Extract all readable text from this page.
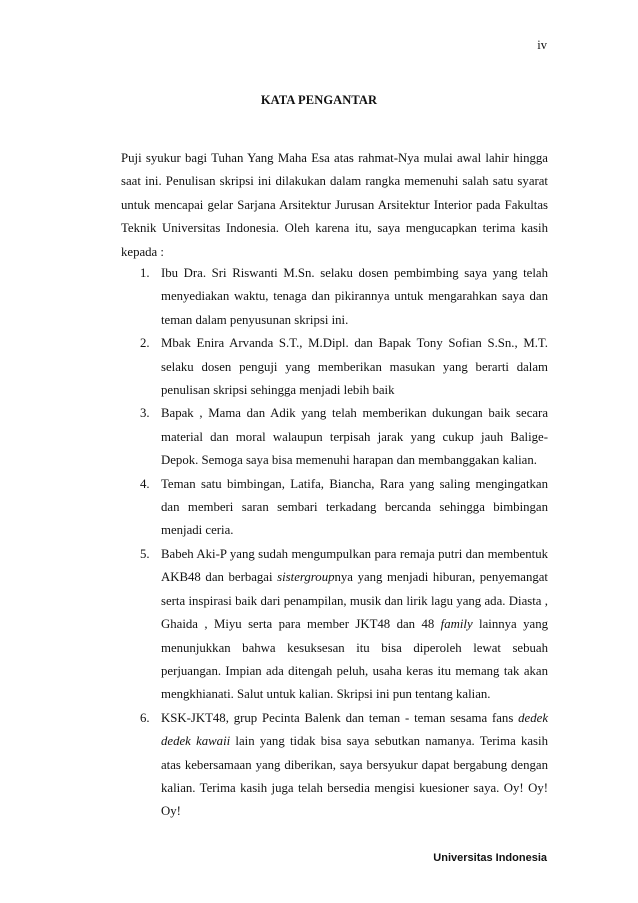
iv
KATA PENGANTAR

Puji syukur bagi Tuhan Yang Maha Esa atas rahmat-Nya mulai awal lahir hingga saat ini. Penulisan skripsi ini dilakukan dalam rangka memenuhi salah satu syarat untuk mencapai gelar Sarjana Arsitektur Jurusan Arsitektur Interior pada Fakultas Teknik Universitas Indonesia. Oleh karena itu, saya mengucapkan terima kasih kepada :

1. Ibu Dra. Sri Riswanti M.Sn. selaku dosen pembimbing saya yang telah menyediakan waktu, tenaga dan pikirannya untuk mengarahkan saya dan teman dalam penyusunan skripsi ini.
2. Mbak Enira Arvanda S.T., M.Dipl. dan Bapak Tony Sofian S.Sn., M.T. selaku dosen penguji yang memberikan masukan yang berarti dalam penulisan skripsi sehingga menjadi lebih baik
3. Bapak , Mama dan Adik yang telah memberikan dukungan baik secara material dan moral walaupun terpisah jarak yang cukup jauh Balige-Depok. Semoga saya bisa memenuhi harapan dan membanggakan kalian.
4. Teman satu bimbingan, Latifa, Biancha, Rara yang saling mengingatkan dan memberi saran sembari terkadang bercanda sehingga bimbingan menjadi ceria.
5. Babeh Aki-P yang sudah mengumpulkan para remaja putri dan membentuk AKB48 dan berbagai sistergroupnya yang menjadi hiburan, penyemangat serta inspirasi baik dari penampilan, musik dan lirik lagu yang ada. Diasta , Ghaida , Miyu serta para member JKT48 dan 48 family lainnya yang menunjukkan bahwa kesuksesan itu bisa diperoleh lewat sebuah perjuangan. Impian ada ditengah peluh, usaha keras itu memang tak akan mengkhianati. Salut untuk kalian. Skripsi ini pun tentang kalian.
6. KSK-JKT48, grup Pecinta Balenk dan teman - teman sesama fans dedek dedek kawaii lain yang tidak bisa saya sebutkan namanya. Terima kasih atas kebersamaan yang diberikan, saya bersyukur dapat bergabung dengan kalian. Terima kasih juga telah bersedia mengisi kuesioner saya. Oy! Oy! Oy!
Universitas Indonesia
